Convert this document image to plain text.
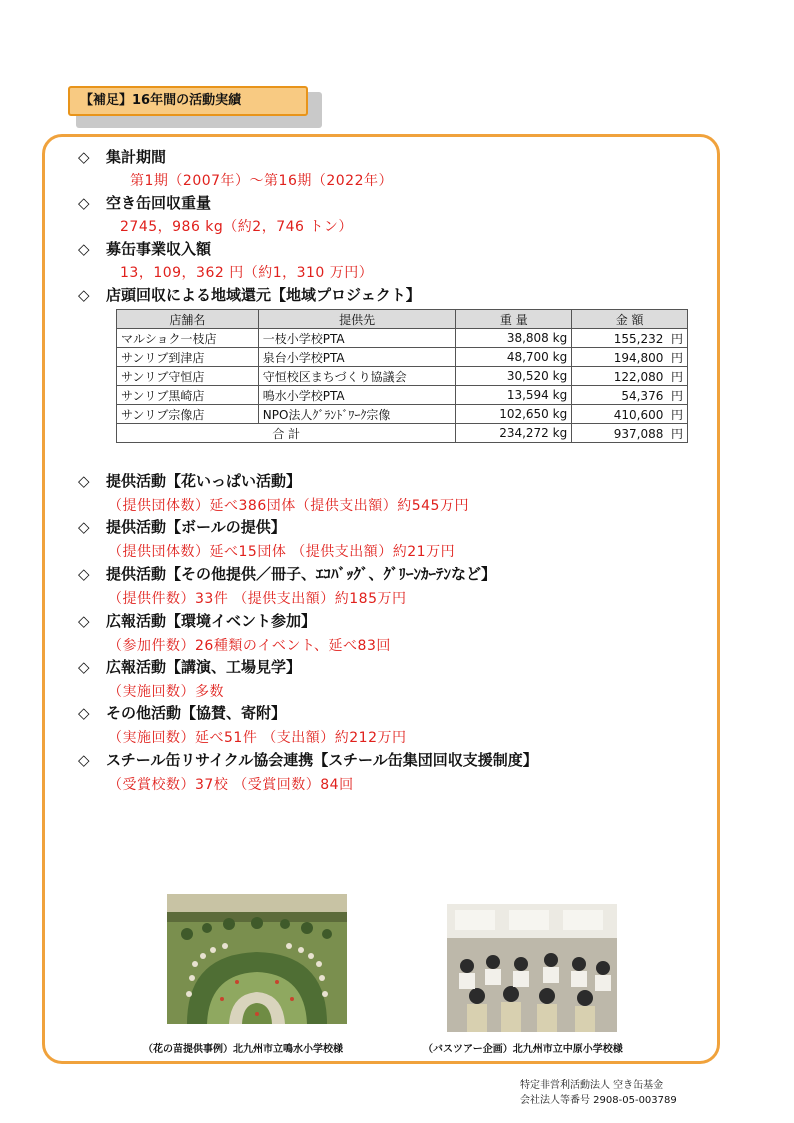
【補足】16年間の活動実績
◇ 集計期間
第1期（2007年）～第16期（2022年）
◇ 空き缶回収重量
2745，986 kg（約2，746 トン）
◇ 募缶事業収入額
13，109，362 円（約1，310 万円）
◇ 店頭回収による地域還元【地域プロジェクト】
店舗名	提供先	重 量	金 額
マルショク一枝店	一枝小学校PTA	38,808 kg	155,232 円
サンリブ到津店	泉台小学校PTA	48,700 kg	194,800 円
サンリブ守恒店	守恒校区まちづくり協議会	30,520 kg	122,080 円
サンリブ黒崎店	鳴水小学校PTA	13,594 kg	54,376 円
サンリブ宗像店	NPO法人ｸﾞﾗﾝﾄﾞﾜｰｸ宗像	102,650 kg	410,600 円
合 計		234,272 kg	937,088 円
◇ 提供活動【花いっぱい活動】
（提供団体数）延べ386団体（提供支出額）約545万円
◇ 提供活動【ボールの提供】
（提供団体数）延べ15団体 （提供支出額）約21万円
◇ 提供活動【その他提供／冊子、ｴｺﾊﾞｯｸﾞ、ｸﾞﾘｰﾝｶｰﾃﾝなど】
（提供件数）33件 （提供支出額）約185万円
◇ 広報活動【環境イベント参加】
（参加件数）26種類のイベント、延べ83回
◇ 広報活動【講演、工場見学】
（実施回数）多数
◇ その他活動【協賛、寄附】
（実施回数）延べ51件 （支出額）約212万円
◇ スチール缶リサイクル協会連携【スチール缶集団回収支援制度】
（受賞校数）37校 （受賞回数）84回
（花の苗提供事例）北九州市立鳴水小学校様	（バスツアー企画）北九州市立中原小学校様
特定非営利活動法人 空き缶基金
会社法人等番号 2908-05-003789
